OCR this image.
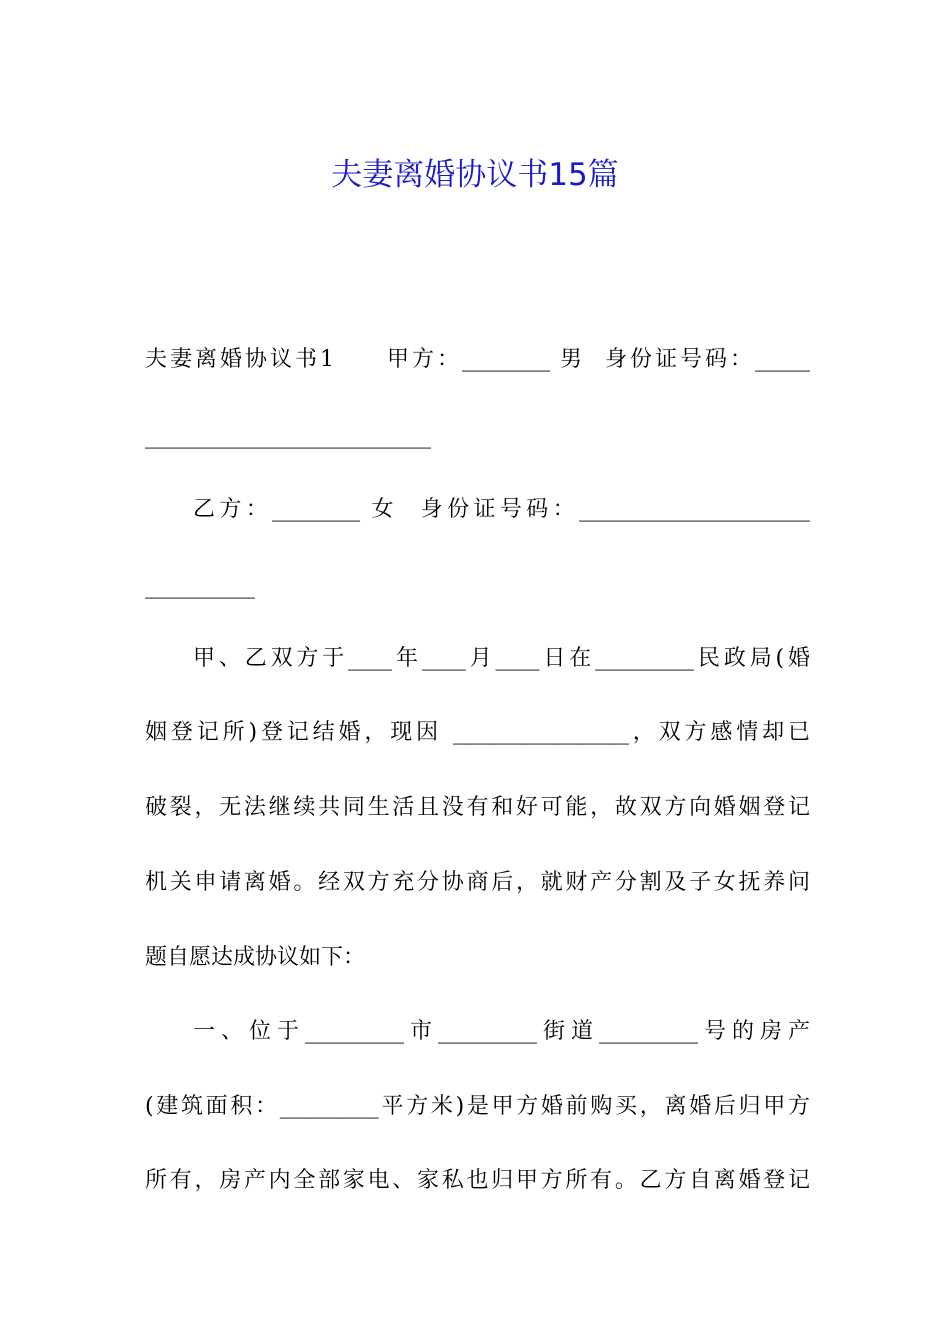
夫妻离婚协议书15篇
夫妻离婚协议书1　　甲方：________ 男  身份证号码：_____
__________________________
乙方：________ 女  身份证号码：_____________________
__________
甲、乙双方于____年____月____日在_________民政局(婚
姻登记所)登记结婚，现因 ________________，双方感情却已
破裂，无法继续共同生活且没有和好可能，故双方向婚姻登记
机关申请离婚。经双方充分协商后，就财产分割及子女抚养问
题自愿达成协议如下：
一、位于_________市_________街道_________号的房产
(建筑面积：_________平方米)是甲方婚前购买，离婚后归甲方
所有，房产内全部家电、家私也归甲方所有。乙方自离婚登记
